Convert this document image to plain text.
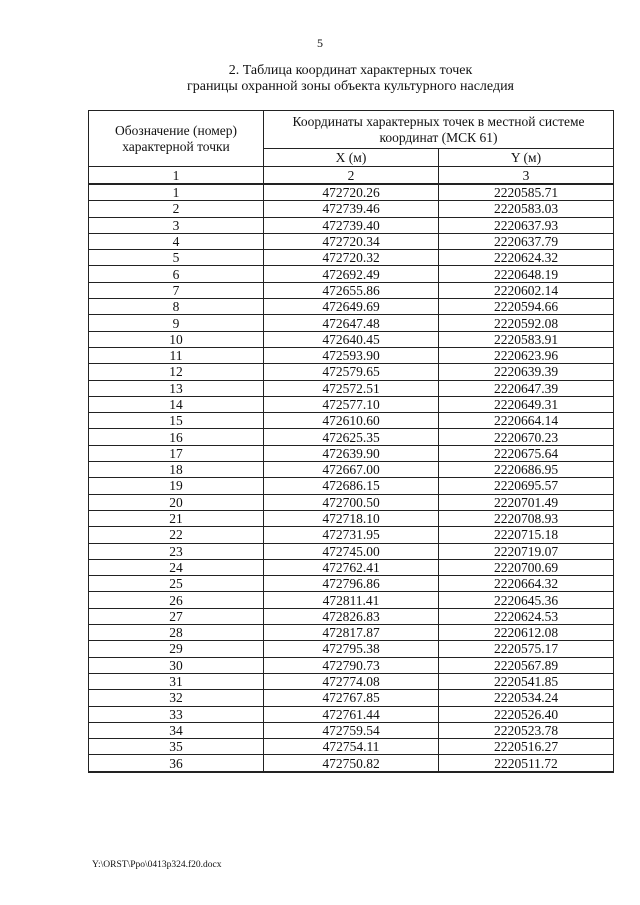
5
2. Таблица координат характерных точек
границы охранной зоны объекта культурного наследия
Обозначение (номер) характерной точки	Координаты характерных точек в местной системе координат (МСК 61)	
	X (м)	Y (м)
1	2	3
1	472720.26	2220585.71
2	472739.46	2220583.03
3	472739.40	2220637.93
4	472720.34	2220637.79
5	472720.32	2220624.32
6	472692.49	2220648.19
7	472655.86	2220602.14
8	472649.69	2220594.66
9	472647.48	2220592.08
10	472640.45	2220583.91
11	472593.90	2220623.96
12	472579.65	2220639.39
13	472572.51	2220647.39
14	472577.10	2220649.31
15	472610.60	2220664.14
16	472625.35	2220670.23
17	472639.90	2220675.64
18	472667.00	2220686.95
19	472686.15	2220695.57
20	472700.50	2220701.49
21	472718.10	2220708.93
22	472731.95	2220715.18
23	472745.00	2220719.07
24	472762.41	2220700.69
25	472796.86	2220664.32
26	472811.41	2220645.36
27	472826.83	2220624.53
28	472817.87	2220612.08
29	472795.38	2220575.17
30	472790.73	2220567.89
31	472774.08	2220541.85
32	472767.85	2220534.24
33	472761.44	2220526.40
34	472759.54	2220523.78
35	472754.11	2220516.27
36	472750.82	2220511.72
Y:\ORST\Ppo\0413p324.f20.docx
